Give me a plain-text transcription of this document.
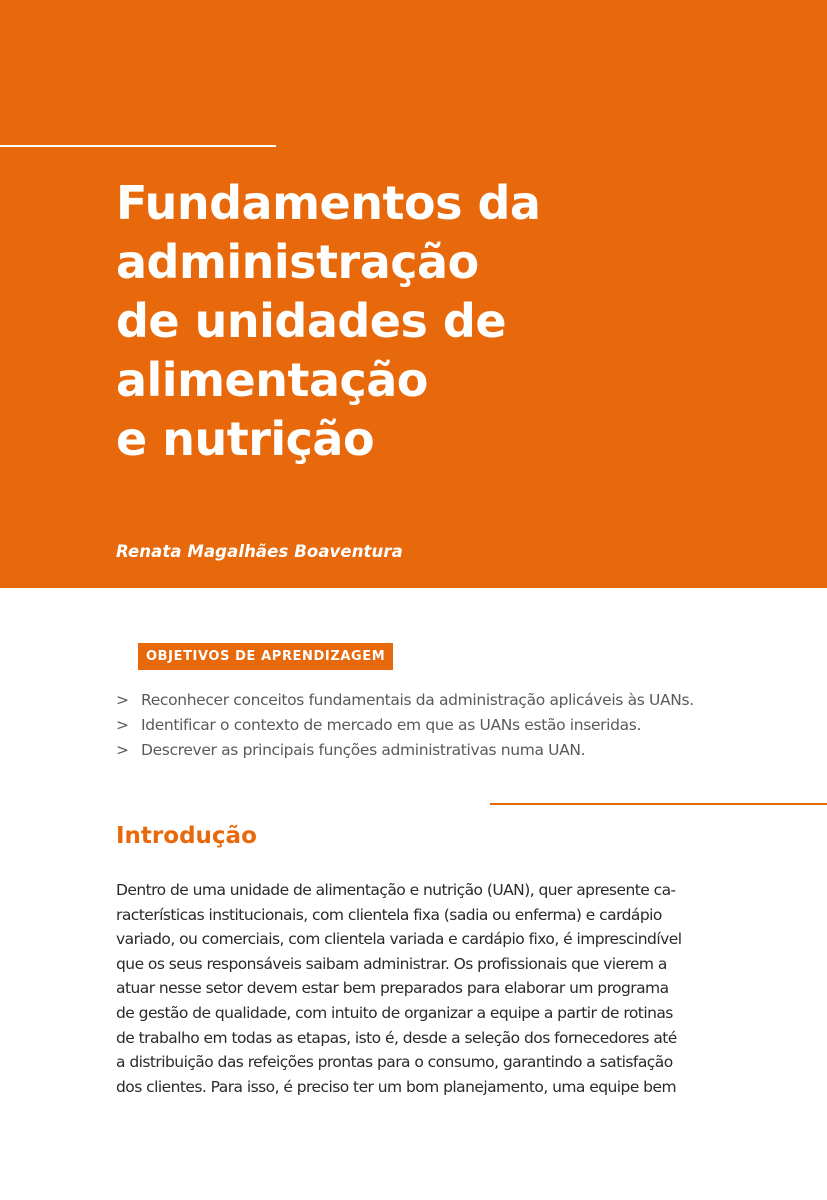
Fundamentos da
administração
de unidades de
alimentação
e nutrição
Renata Magalhães Boaventura
OBJETIVOS DE APRENDIZAGEM
> Reconhecer conceitos fundamentais da administração aplicáveis às UANs.
> Identificar o contexto de mercado em que as UANs estão inseridas.
> Descrever as principais funções administrativas numa UAN.
Introdução

Dentro de uma unidade de alimentação e nutrição (UAN), quer apresente ca-
racterísticas institucionais, com clientela fixa (sadia ou enferma) e cardápio
variado, ou comerciais, com clientela variada e cardápio fixo, é imprescindível
que os seus responsáveis saibam administrar. Os profissionais que vierem a
atuar nesse setor devem estar bem preparados para elaborar um programa
de gestão de qualidade, com intuito de organizar a equipe a partir de rotinas
de trabalho em todas as etapas, isto é, desde a seleção dos fornecedores até
a distribuição das refeições prontas para o consumo, garantindo a satisfação
dos clientes. Para isso, é preciso ter um bom planejamento, uma equipe bem
